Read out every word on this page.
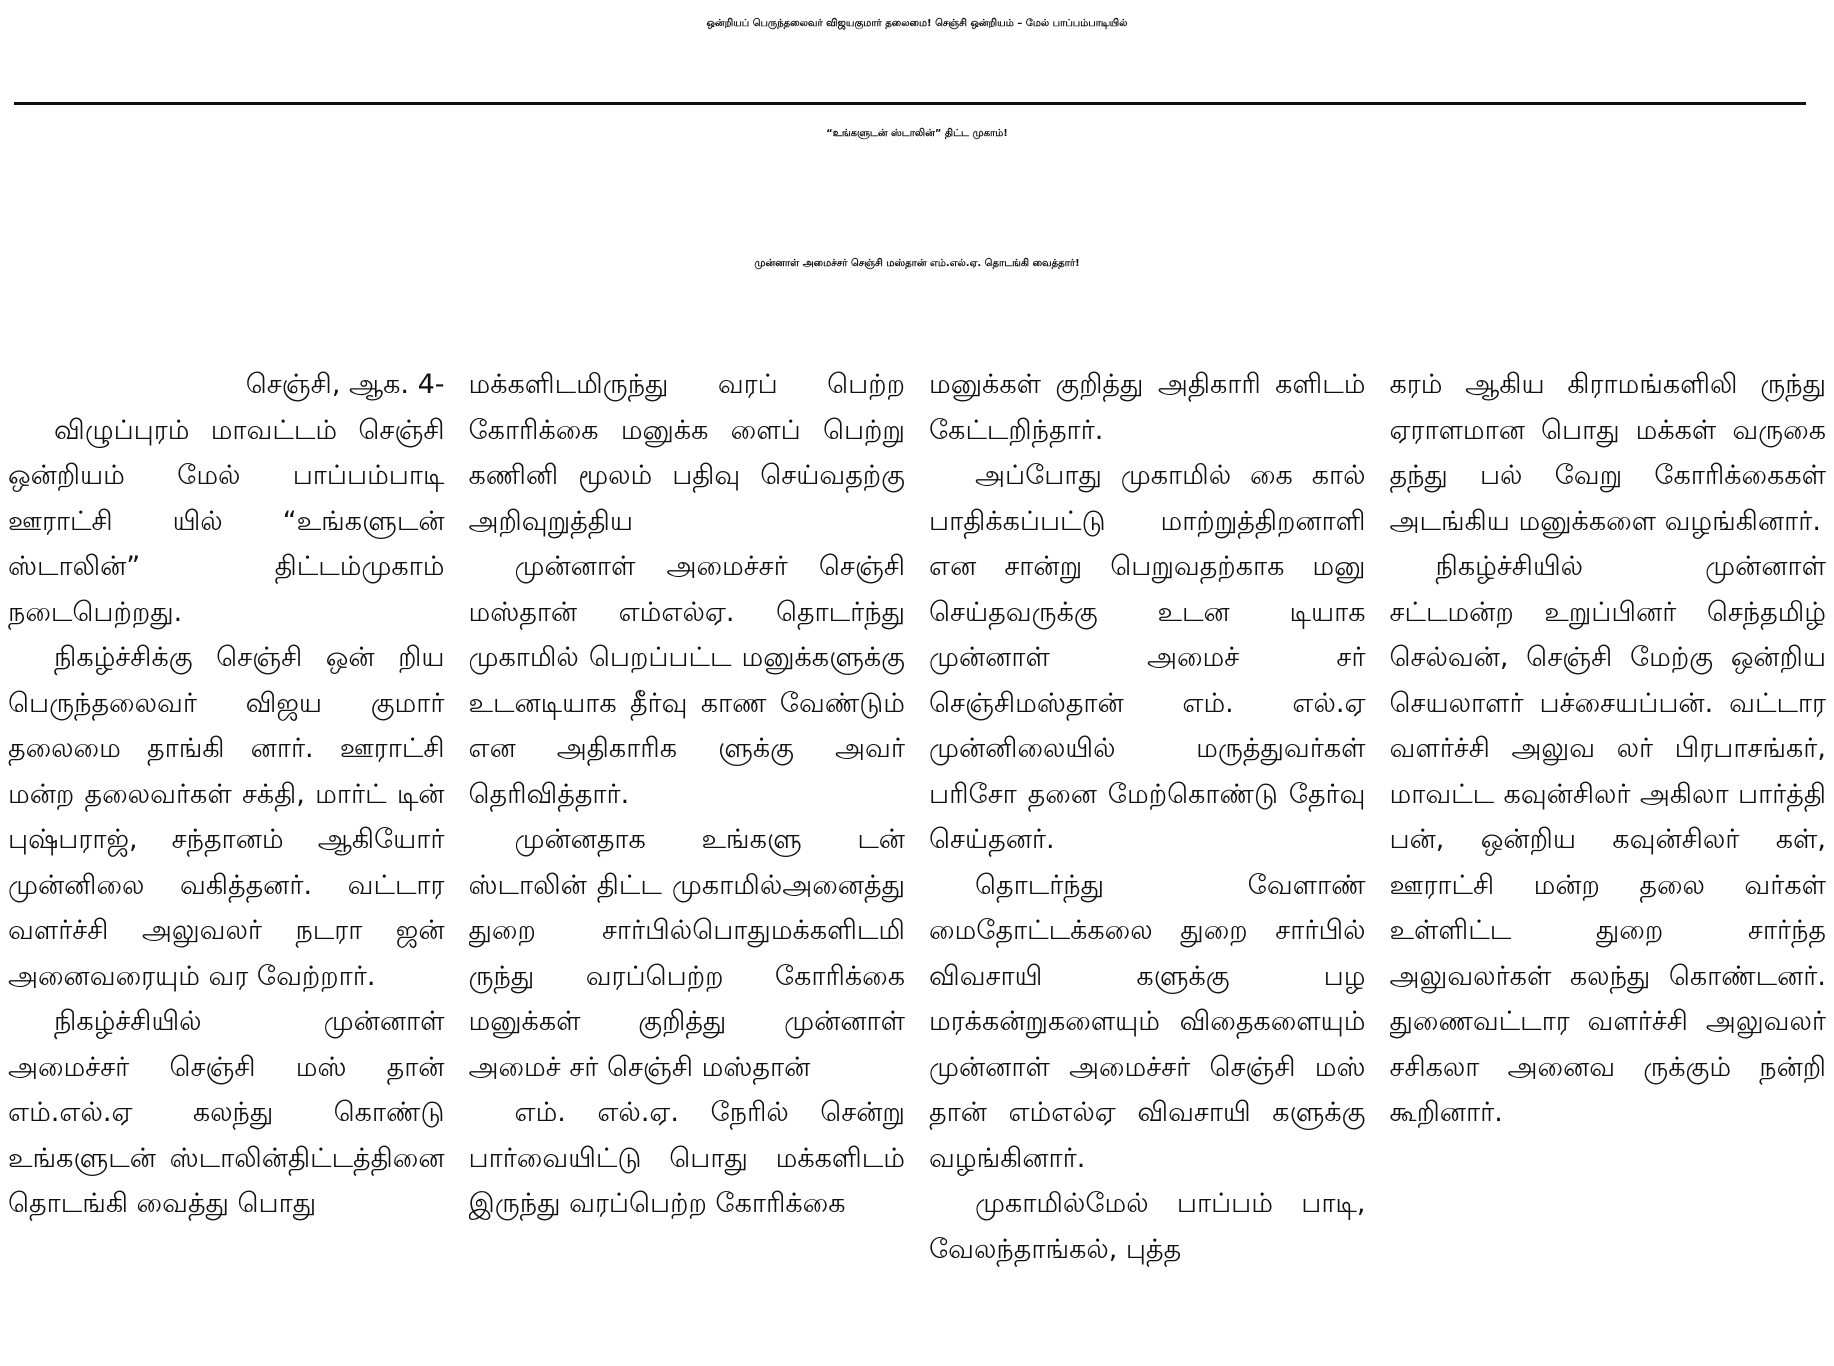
ஒன்றியப் பெருந்தலைவர் விஜயகுமார் தலைமை! செஞ்சி ஒன்றியம் – மேல் பாப்பம்பாடியில்
“உங்களுடன் ஸ்டாலின்” திட்ட முகாம்!
முன்னாள் அமைச்சர் செஞ்சி மஸ்தான் எம்.எல்.ஏ. தொடங்கி வைத்தார்!

செஞ்சி, ஆக. 4-

விழுப்புரம் மாவட்டம் செஞ்சி ஒன்றியம் மேல் பாப்பம்பாடி ஊராட்சி யில் “உங்களுடன் ஸ்டாலின்” திட்டம்முகாம் நடைபெற்றது.

நிகழ்ச்சிக்கு செஞ்சி ஒன் றிய பெருந்தலைவர் விஜய குமார் தலைமை தாங்கி னார். ஊராட்சி மன்ற தலைவர்கள் சக்தி, மார்ட் டின் புஷ்பராஜ், சந்தானம் ஆகியோர் முன்னிலை வகித்தனர். வட்டார வளர்ச்சி அலுவலர் நடரா ஜன் அனைவரையும் வர வேற்றார்.

நிகழ்ச்சியில் முன்னாள் அமைச்சர் செஞ்சி மஸ் தான் எம்.எல்.ஏ கலந்து கொண்டு உங்களுடன் ஸ்டாலின்திட்டத்தினை தொடங்கி வைத்து பொது

மக்களிடமிருந்து வரப் பெற்ற கோரிக்கை மனுக்க ளைப் பெற்று கணினி மூலம் பதிவு செய்வதற்கு அறிவுறுத்திய

முன்னாள் அமைச்சர் செஞ்சி மஸ்தான் எம்எல்ஏ. தொடர்ந்து முகாமில் பெறப்பட்ட மனுக்களுக்கு உடனடியாக தீர்வு காண வேண்டும் என அதிகாரிக ளுக்கு அவர் தெரிவித்தார்.

முன்னதாக உங்களு டன் ஸ்டாலின் திட்ட முகாமில்அனைத்து துறை சார்பில்பொதுமக்களிடமி ருந்து வரப்பெற்ற கோரிக்கை மனுக்கள் குறித்து முன்னாள் அமைச் சர் செஞ்சி மஸ்தான்

எம். எல்.ஏ. நேரில் சென்று பார்வையிட்டு பொது மக்களிடம் இருந்து வரப்பெற்ற கோரிக்கை

மனுக்கள் குறித்து அதிகாரி களிடம் கேட்டறிந்தார்.

அப்போது முகாமில் கை கால் பாதிக்கப்பட்டு மாற்றுத்திறனாளி என சான்று பெறுவதற்காக மனு செய்தவருக்கு உடன டியாக முன்னாள் அமைச் சர் செஞ்சிமஸ்தான் எம். எல்.ஏ முன்னிலையில் மருத்துவர்கள் பரிசோ தனை மேற்கொண்டு தேர்வு செய்தனர்.

தொடர்ந்து வேளாண் மைதோட்டக்கலை துறை சார்பில் விவசாயி களுக்கு பழ மரக்கன்றுகளையும் விதைகளையும் முன்னாள் அமைச்சர் செஞ்சி மஸ் தான் எம்எல்ஏ விவசாயி களுக்கு வழங்கினார்.

முகாமில்மேல் பாப்பம் பாடி, வேலந்தாங்கல், புத்த

கரம் ஆகிய கிராமங்களிலி ருந்து ஏராளமான பொது மக்கள் வருகை தந்து பல் வேறு கோரிக்கைகள் அடங்கிய மனுக்களை வழங்கினார்.

நிகழ்ச்சியில் முன்னாள் சட்டமன்ற உறுப்பினர் செந்தமிழ் செல்வன், செஞ்சி மேற்கு ஒன்றிய செயலாளர் பச்சையப்பன். வட்டார வளர்ச்சி அலுவ லர் பிரபாசங்கர், மாவட்ட கவுன்சிலர் அகிலா பார்த்தி பன், ஒன்றிய கவுன்சிலர் கள், ஊராட்சி மன்ற தலை வர்கள் உள்ளிட்ட துறை சார்ந்த அலுவலர்கள் கலந்து கொண்டனர். துணைவட்டார வளர்ச்சி அலுவலர் சசிகலா அனைவ ருக்கும் நன்றி கூறினார்.
